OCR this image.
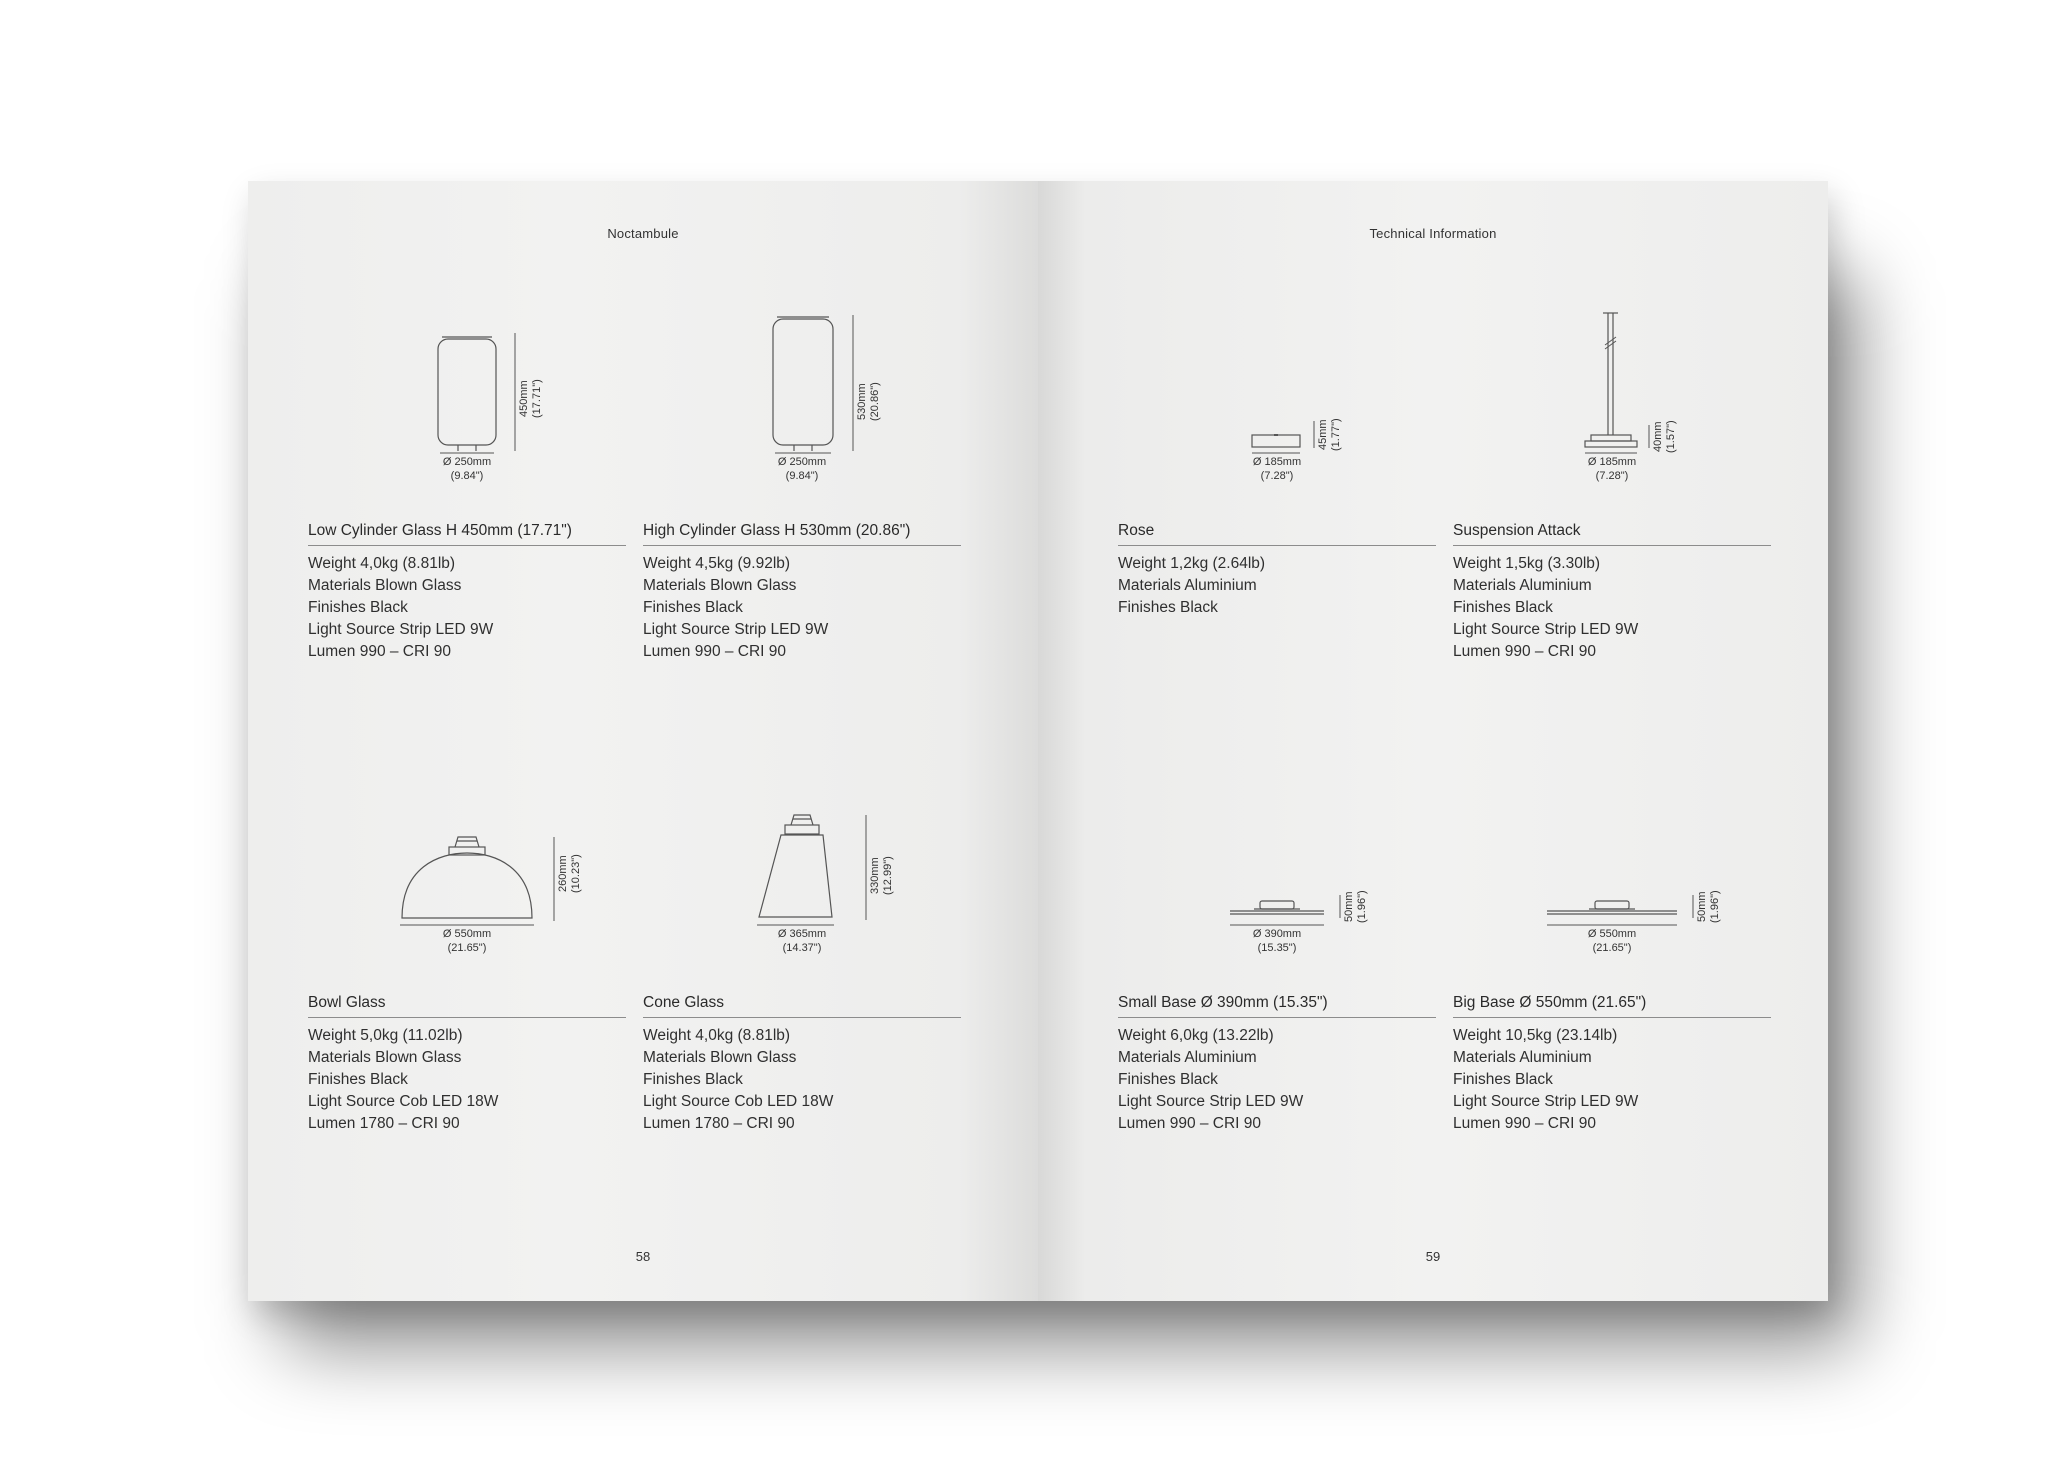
Noctambule
450mm (17.71")
Ø 250mm
(9.84")
Low Cylinder Glass H 450mm (17.71")
Weight 4,0kg (8.81lb)
Materials Blown Glass
Finishes Black
Light Source Strip LED 9W
Lumen 990 – CRI 90
530mm (20.86")
Ø 250mm
(9.84")
High Cylinder Glass H 530mm (20.86")
Weight 4,5kg (9.92lb)
Materials Blown Glass
Finishes Black
Light Source Strip LED 9W
Lumen 990 – CRI 90
260mm (10.23")
Ø 550mm
(21.65")
Bowl Glass
Weight 5,0kg (11.02lb)
Materials Blown Glass
Finishes Black
Light Source Cob LED 18W
Lumen 1780 – CRI 90
330mm (12.99")
Ø 365mm
(14.37")
Cone Glass
Weight 4,0kg (8.81lb)
Materials Blown Glass
Finishes Black
Light Source Cob LED 18W
Lumen 1780 – CRI 90
58
Technical Information
45mm (1.77")
Ø 185mm
(7.28")
Rose
Weight 1,2kg (2.64lb)
Materials Aluminium
Finishes Black
40mm (1.57")
Ø 185mm
(7.28")
Suspension Attack
Weight 1,5kg (3.30lb)
Materials Aluminium
Finishes Black
Light Source Strip LED 9W
Lumen 990 – CRI 90
50mm (1.96")
Ø 390mm
(15.35")
Small Base Ø 390mm (15.35")
Weight 6,0kg (13.22lb)
Materials Aluminium
Finishes Black
Light Source Strip LED 9W
Lumen 990 – CRI 90
50mm (1.96")
Ø 550mm
(21.65")
Big Base Ø 550mm (21.65")
Weight 10,5kg (23.14lb)
Materials Aluminium
Finishes Black
Light Source Strip LED 9W
Lumen 990 – CRI 90
59
